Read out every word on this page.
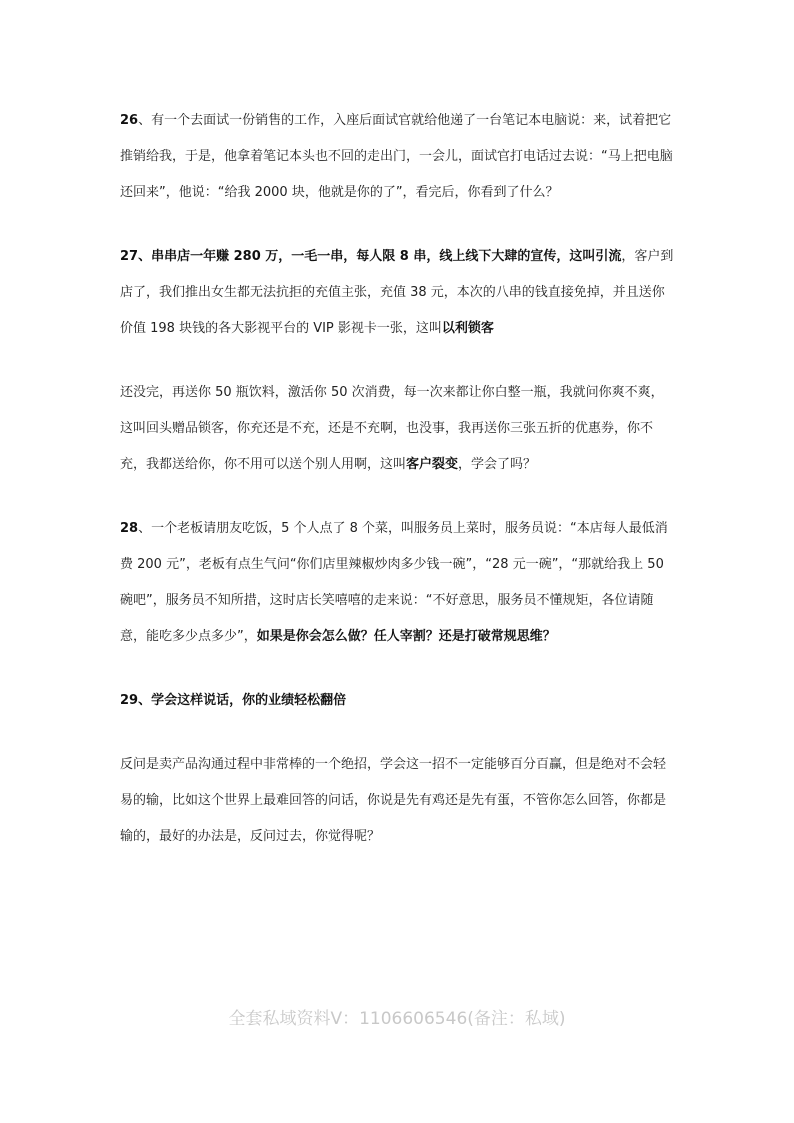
26、有一个去面试一份销售的工作，入座后面试官就给他递了一台笔记本电脑说：来，试着把它推销给我，于是，他拿着笔记本头也不回的走出门，一会儿，面试官打电话过去说：“马上把电脑还回来”，他说：“给我 2000 块，他就是你的了”，看完后，你看到了什么？

27、串串店一年赚 280 万，一毛一串，每人限 8 串，线上线下大肆的宣传，这叫引流，客户到店了，我们推出女生都无法抗拒的充值主张，充值 38 元，本次的八串的钱直接免掉，并且送你价值 198 块钱的各大影视平台的 VIP 影视卡一张，这叫以利锁客

还没完，再送你 50 瓶饮料，激活你 50 次消费，每一次来都让你白整一瓶，我就问你爽不爽，这叫回头赠品锁客，你充还是不充，还是不充啊，也没事，我再送你三张五折的优惠券，你不充，我都送给你，你不用可以送个别人用啊，这叫客户裂变，学会了吗？

28、一个老板请朋友吃饭，5 个人点了 8 个菜，叫服务员上菜时，服务员说：“本店每人最低消费 200 元”，老板有点生气问“你们店里辣椒炒肉多少钱一碗”，“28 元一碗”，“那就给我上 50 碗吧”，服务员不知所措，这时店长笑嘻嘻的走来说：“不好意思，服务员不懂规矩，各位请随意，能吃多少点多少”，如果是你会怎么做？任人宰割？还是打破常规思维？

29、学会这样说话，你的业绩轻松翻倍

反问是卖产品沟通过程中非常棒的一个绝招，学会这一招不一定能够百分百赢，但是绝对不会轻易的输，比如这个世界上最难回答的问话，你说是先有鸡还是先有蛋，不管你怎么回答，你都是输的，最好的办法是，反问过去，你觉得呢？

全套私域资料V：1106606546(备注：私域)
